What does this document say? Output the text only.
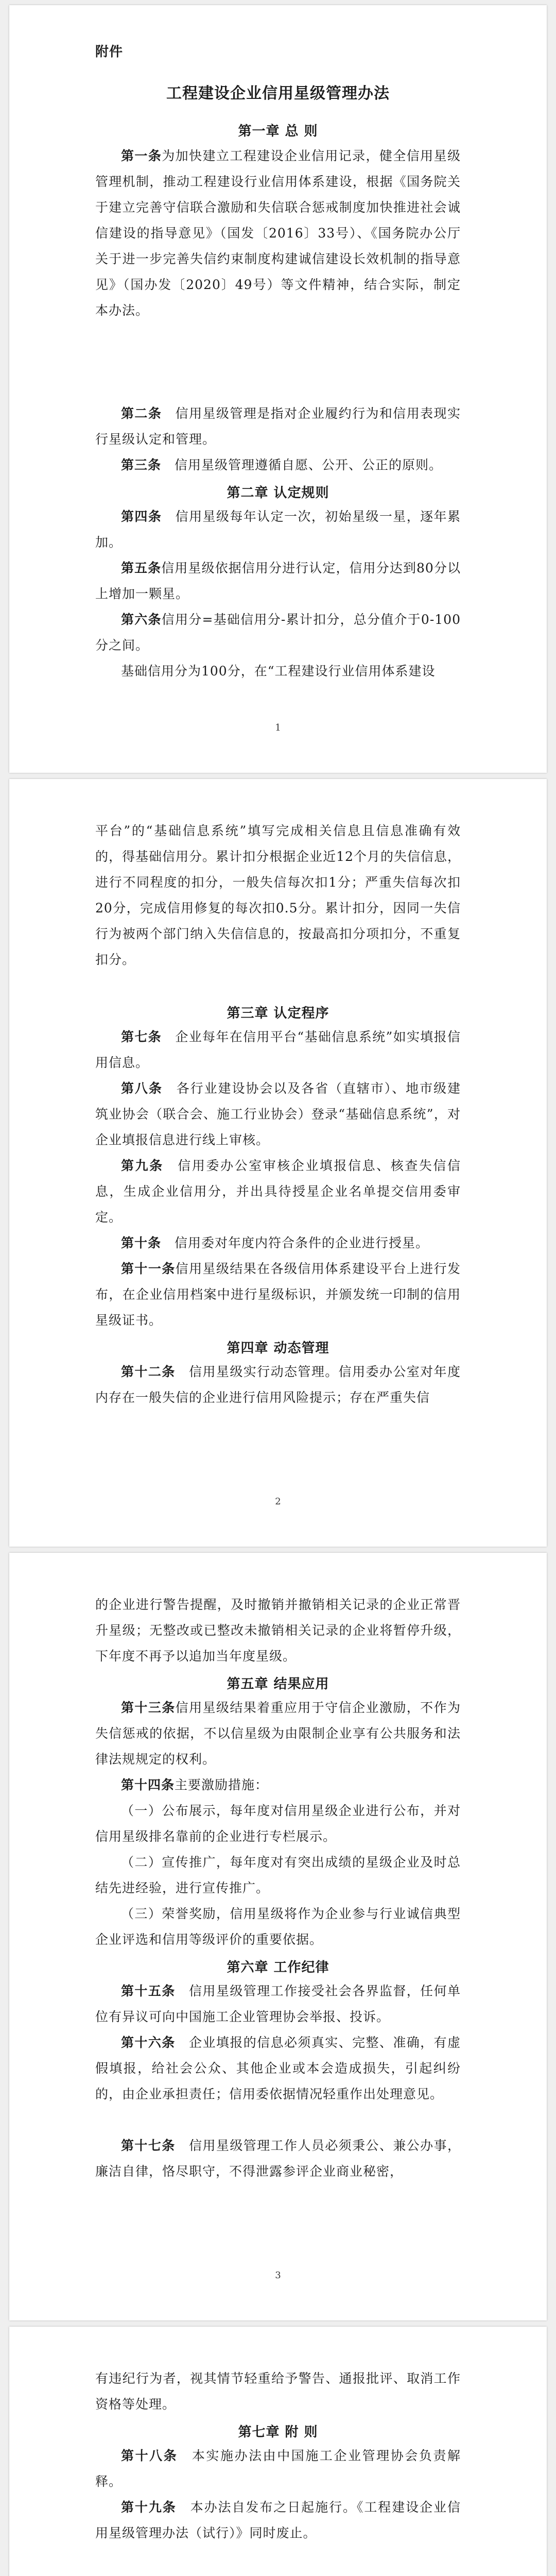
附件
工程建设企业信用星级管理办法
第一章 总 则

第一条为加快建立工程建设企业信用记录，健全信用星级管理机制，推动工程建设行业信用体系建设，根据《国务院关于建立完善守信联合激励和失信联合惩戒制度加快推进社会诚信建设的指导意见》（国发〔2016〕33号）、《国务院办公厅关于进一步完善失信约束制度构建诚信建设长效机制的指导意见》（国办发〔2020〕49号）等文件精神，结合实际，制定本办法。

第二条　 信用星级管理是指对企业履约行为和信用表现实行星级认定和管理。

第三条　 信用星级管理遵循自愿、公开、公正的原则。

第二章 认定规则

第四条　 信用星级每年认定一次，初始星级一星，逐年累加。

第五条信用星级依据信用分进行认定，信用分达到80分以上增加一颗星。

第六条信用分=基础信用分-累计扣分，总分值介于0-100分之间。

基础信用分为100分，在“工程建设行业信用体系建设

1

平台”的“基础信息系统”填写完成相关信息且信息准确有效的，得基础信用分。累计扣分根据企业近12个月的失信信息，进行不同程度的扣分，一般失信每次扣1分；严重失信每次扣20分，完成信用修复的每次扣0.5分。累计扣分，因同一失信行为被两个部门纳入失信信息的，按最高扣分项扣分，不重复扣分。

第三章 认定程序

第七条　 企业每年在信用平台“基础信息系统”如实填报信用信息。

第八条　 各行业建设协会以及各省（直辖市）、地市级建筑业协会（联合会、施工行业协会）登录“基础信息系统”，对企业填报信息进行线上审核。

第九条　 信用委办公室审核企业填报信息、核查失信信息，生成企业信用分，并出具待授星企业名单提交信用委审定。

第十条　 信用委对年度内符合条件的企业进行授星。

第十一条信用星级结果在各级信用体系建设平台上进行发布，在企业信用档案中进行星级标识，并颁发统一印制的信用星级证书。

第四章 动态管理

第十二条　 信用星级实行动态管理。信用委办公室对年度内存在一般失信的企业进行信用风险提示；存在严重失信

2

的企业进行警告提醒，及时撤销并撤销相关记录的企业正常晋升星级；无整改或已整改未撤销相关记录的企业将暂停升级，下年度不再予以追加当年度星级。

第五章 结果应用

第十三条信用星级结果着重应用于守信企业激励，不作为失信惩戒的依据，不以信星级为由限制企业享有公共服务和法律法规规定的权利。

第十四条主要激励措施：

（一）公布展示，每年度对信用星级企业进行公布，并对信用星级排名靠前的企业进行专栏展示。

（二）宣传推广，每年度对有突出成绩的星级企业及时总结先进经验，进行宣传推广。

（三）荣誉奖励，信用星级将作为企业参与行业诚信典型企业评选和信用等级评价的重要依据。

第六章 工作纪律

第十五条　 信用星级管理工作接受社会各界监督，任何单位有异议可向中国施工企业管理协会举报、投诉。

第十六条　 企业填报的信息必须真实、完整、准确，有虚假填报，给社会公众、其他企业或本会造成损失，引起纠纷的，由企业承担责任；信用委依据情况轻重作出处理意见。

第十七条　 信用星级管理工作人员必须秉公、兼公办事，廉洁自律，恪尽职守，不得泄露参评企业商业秘密，

3

有违纪行为者，视其情节轻重给予警告、通报批评、取消工作资格等处理。

第七章 附 则

第十八条　 本实施办法由中国施工企业管理协会负责解释。

第十九条　 本办法自发布之日起施行。《工程建设企业信用星级管理办法（试行）》同时废止。
